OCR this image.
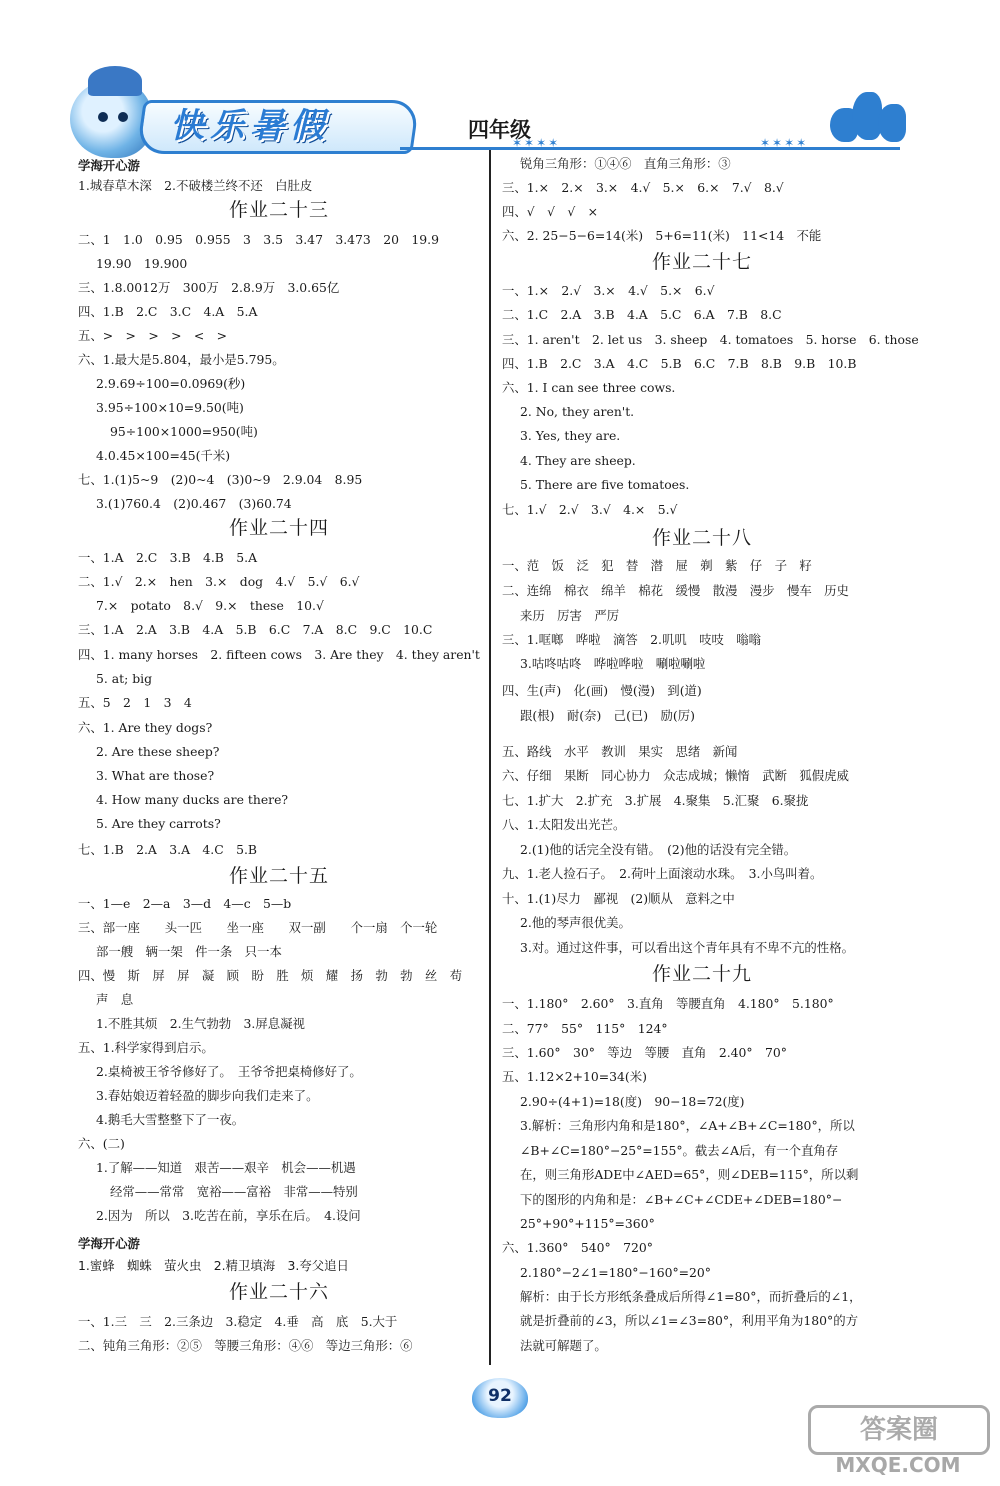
快乐暑假	四年级
✶✶✶✶	✶✶✶✶
学海开心游
1.城春草木深　2.不破楼兰终不还　白肚皮
作业二十三
二、1　1.0　0.95　0.955　3　3.5　3.47　3.473　20　19.9
19.90　19.900
三、1.8.0012万　300万　2.8.9万　3.0.65亿
四、1.B　2.C　3.C　4.A　5.A
五、>　>　>　>　<　>
六、1.最大是5.804，最小是5.795。
2.9.69÷100=0.0969(秒)
3.95÷100×10=9.50(吨)
95÷100×1000=950(吨)
4.0.45×100=45(千米)
七、1.(1)5~9　(2)0~4　(3)0~9　2.9.04　8.95
3.(1)760.4　(2)0.467　(3)60.74
作业二十四
一、1.A　2.C　3.B　4.B　5.A
二、1.√　2.×　hen　3.×　dog　4.√　5.√　6.√
7.×　potato　8.√　9.×　these　10.√
三、1.A　2.A　3.B　4.A　5.B　6.C　7.A　8.C　9.C　10.C
四、1. many horses　2. fifteen cows　3. Are they　4. they aren't
5. at; big
五、5　2　1　3　4
六、1. Are they dogs?
2. Are these sheep?
3. What are those?
4. How many ducks are there?
5. Are they carrots?
七、1.B　2.A　3.A　4.C　5.B
作业二十五
一、1—e　2—a　3—d　4—c　5—b
三、部一座　　头一匹　　坐一座　　双一副　　个一扇　个一轮
部一艘　辆一架　件一条　只一本
四、慢　斯　屏　屏　凝　顾　盼　胜　烦　耀　扬　勃　勃　丝　苟
声　息
1.不胜其烦　2.生气勃勃　3.屏息凝视
五、1.科学家得到启示。
2.桌椅被王爷爷修好了。　王爷爷把桌椅修好了。
3.春姑娘迈着轻盈的脚步向我们走来了。
4.鹅毛大雪整整下了一夜。
六、(二)
1.了解——知道　艰苦——艰辛　机会——机遇
经常——常常　宽裕——富裕　非常——特别
2.因为　所以　3.吃苦在前，享乐在后。　4.设问
学海开心游
1.蜜蜂　蜘蛛　萤火虫　2.精卫填海　3.夸父追日
作业二十六
一、1.三　三　2.三条边　3.稳定　4.垂　高　底　5.大于
二、钝角三角形：②⑤　等腰三角形：④⑥　等边三角形：⑥
锐角三角形：①④⑥　直角三角形：③
三、1.×　2.×　3.×　4.√　5.×　6.×　7.√　8.√
四、√　√　√　×
六、2. 25−5−6=14(米)　5+6=11(米)　11<14　不能
作业二十七
一、1.×　2.√　3.×　4.√　5.×　6.√
二、1.C　2.A　3.B　4.A　5.C　6.A　7.B　8.C
三、1. aren't　2. let us　3. sheep　4. tomatoes　5. horse　6. those
四、1.B　2.C　3.A　4.C　5.B　6.C　7.B　8.B　9.B　10.B
六、1. I can see three cows.
2. No, they aren't.
3. Yes, they are.
4. They are sheep.
5. There are five tomatoes.
七、1.√　2.√　3.√　4.×　5.√
作业二十八
一、范　饭　泛　犯　替　潜　屉　剃　紫　仔　子　籽
二、连绵　棉衣　绵羊　棉花　缓慢　散漫　漫步　慢车　历史
来历　厉害　严厉
三、1.哐啷　哗啦　滴答　2.叽叽　吱吱　嗡嗡
3.咕咚咕咚　哗啦哗啦　唰啦唰啦
四、生(声)　化(画)　慢(漫)　到(道)
跟(根)　耐(奈)　己(已)　励(厉)
五、路线　水平　教训　果实　思绪　新闻
六、仔细　果断　同心协力　众志成城；懒惰　武断　狐假虎威
七、1.扩大　2.扩充　3.扩展　4.聚集　5.汇聚　6.聚拢
八、1.太阳发出光芒。
2.(1)他的话完全没有错。　(2)他的话没有完全错。
九、1.老人捡石子。　2.荷叶上面滚动水珠。　3.小鸟叫着。
十、1.(1)尽力　鄙视　(2)顺从　意料之中
2.他的琴声很优美。
3.对。通过这件事，可以看出这个青年具有不卑不亢的性格。
作业二十九
一、1.180°　2.60°　3.直角　等腰直角　4.180°　5.180°
二、77°　55°　115°　124°
三、1.60°　30°　等边　等腰　直角　2.40°　70°
五、1.12×2+10=34(米)
2.90÷(4+1)=18(度)　90−18=72(度)
3.解析：三角形内角和是180°，∠A+∠B+∠C=180°，所以
∠B+∠C=180°−25°=155°。截去∠A后，有一个直角存
在，则三角形ADE中∠AED=65°，则∠DEB=115°，所以剩
下的图形的内角和是：∠B+∠C+∠CDE+∠DEB=180°−
25°+90°+115°=360°
六、1.360°　540°　720°
2.180°−2∠1=180°−160°=20°
解析：由于长方形纸条叠成后所得∠1=80°，而折叠后的∠1，
就是折叠前的∠3，所以∠1=∠3=80°，利用平角为180°的方
法就可解题了。
92
答案圈
MXQE.COM
